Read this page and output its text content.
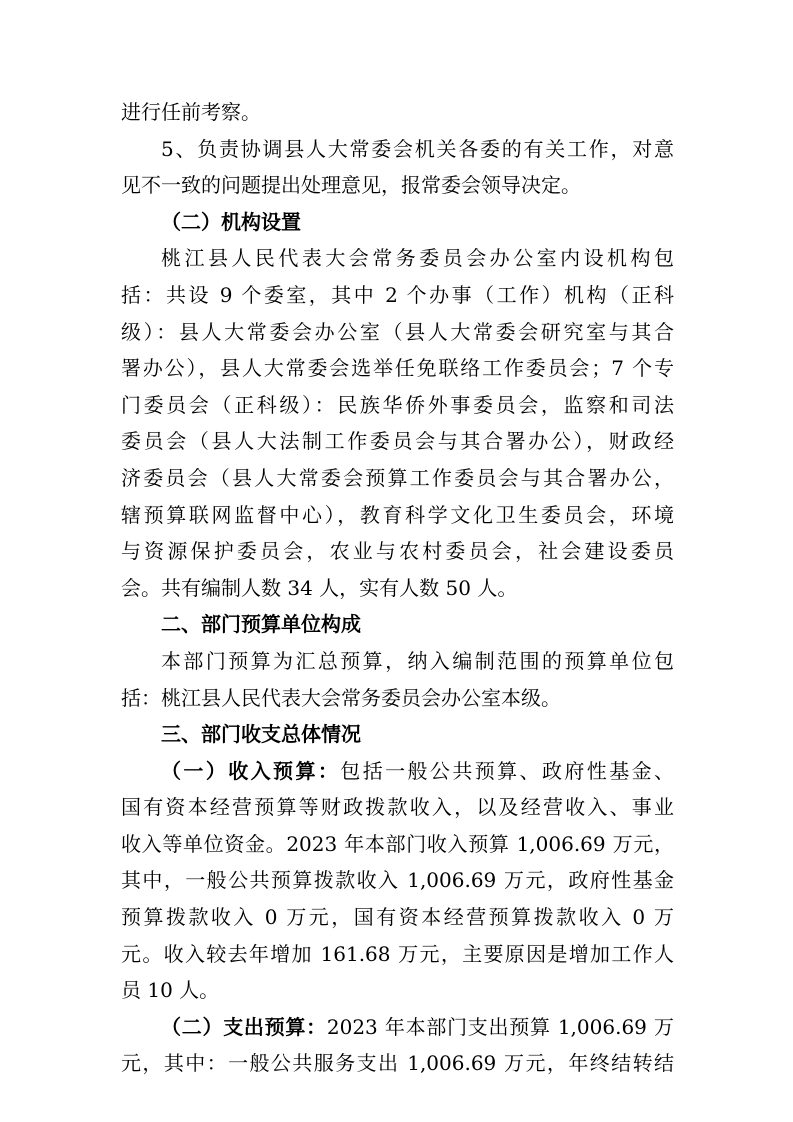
进行任前考察。
5、负责协调县人大常委会机关各委的有关工作，对意
见不一致的问题提出处理意见，报常委会领导决定。
（二）机构设置
桃江县人民代表大会常务委员会办公室内设机构包
括：共设 9 个委室，其中 2 个办事（工作）机构（正科
级）：县人大常委会办公室（县人大常委会研究室与其合
署办公），县人大常委会选举任免联络工作委员会；7 个专
门委员会（正科级）：民族华侨外事委员会，监察和司法
委员会（县人大法制工作委员会与其合署办公），财政经
济委员会（县人大常委会预算工作委员会与其合署办公，
辖预算联网监督中心），教育科学文化卫生委员会，环境
与资源保护委员会，农业与农村委员会，社会建设委员
会。共有编制人数 34 人，实有人数 50 人。
二、部门预算单位构成
本部门预算为汇总预算，纳入编制范围的预算单位包
括：桃江县人民代表大会常务委员会办公室本级。
三、部门收支总体情况
（一）收入预算：包括一般公共预算、政府性基金、
国有资本经营预算等财政拨款收入，以及经营收入、事业
收入等单位资金。2023 年本部门收入预算 1,006.69 万元，
其中，一般公共预算拨款收入 1,006.69 万元，政府性基金
预算拨款收入 0 万元，国有资本经营预算拨款收入 0 万
元。收入较去年增加 161.68 万元，主要原因是增加工作人
员 10 人。
（二）支出预算：2023 年本部门支出预算 1,006.69 万
元，其中：一般公共服务支出 1,006.69 万元，年终结转结
